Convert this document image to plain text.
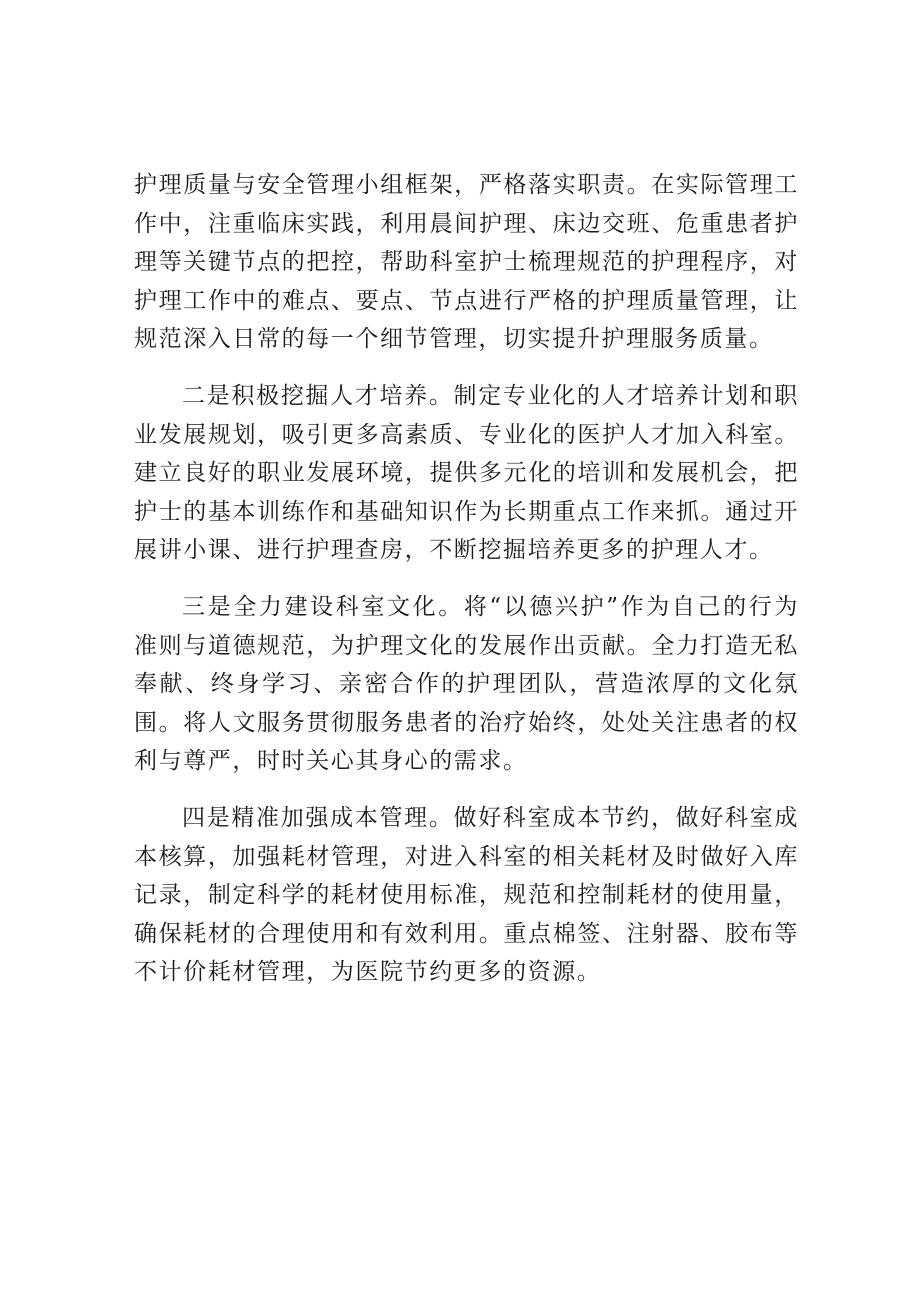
护理质量与安全管理小组框架，严格落实职责。在实际管理工作中，注重临床实践，利用晨间护理、床边交班、危重患者护理等关键节点的把控，帮助科室护士梳理规范的护理程序，对护理工作中的难点、要点、节点进行严格的护理质量管理，让规范深入日常的每一个细节管理，切实提升护理服务质量。

二是积极挖掘人才培养。制定专业化的人才培养计划和职业发展规划，吸引更多高素质、专业化的医护人才加入科室。建立良好的职业发展环境，提供多元化的培训和发展机会，把护士的基本训练作和基础知识作为长期重点工作来抓。通过开展讲小课、进行护理查房，不断挖掘培养更多的护理人才。

三是全力建设科室文化。将“以德兴护”作为自己的行为准则与道德规范，为护理文化的发展作出贡献。全力打造无私奉献、终身学习、亲密合作的护理团队，营造浓厚的文化氛围。将人文服务贯彻服务患者的治疗始终，处处关注患者的权利与尊严，时时关心其身心的需求。

四是精准加强成本管理。做好科室成本节约，做好科室成本核算，加强耗材管理，对进入科室的相关耗材及时做好入库记录，制定科学的耗材使用标准，规范和控制耗材的使用量，确保耗材的合理使用和有效利用。重点棉签、注射器、胶布等不计价耗材管理，为医院节约更多的资源。
